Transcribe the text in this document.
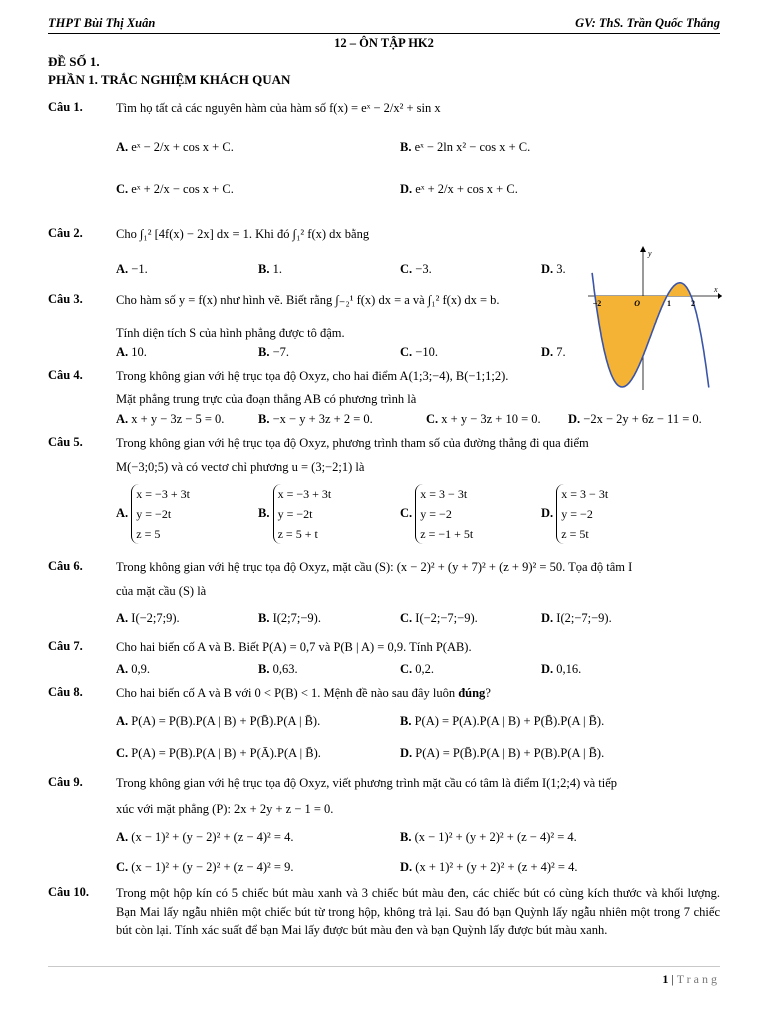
THPT Bùi Thị Xuân	GV: ThS. Trần Quốc Thắng
12 – ÔN TẬP HK2
ĐỀ SỐ 1.
PHẦN 1. TRẮC NGHIỆM KHÁCH QUAN
Câu 1.	Tìm họ tất cả các nguyên hàm của hàm số f(x) = eˣ − 2/x² + sin x
A. eˣ − 2/x + cos x + C.	B. eˣ − 2ln x² − cos x + C.
C. eˣ + 2/x − cos x + C.	D. eˣ + 2/x + cos x + C.
Câu 2.	Cho ∫₁² [4f(x) − 2x] dx = 1. Khi đó ∫₁² f(x) dx bằng
A. −1.	B. 1.	C. −3.	D. 3.
Câu 3.	Cho hàm số y = f(x) như hình vẽ. Biết rằng ∫₋₂¹ f(x) dx = a và ∫₁² f(x) dx = b.
Tính diện tích S của hình phẳng được tô đậm.
A. 10.	B. −7.	C. −10.	D. 7.
y
x
O
−2	1	2
Câu 4.	Trong không gian với hệ trục tọa độ Oxyz, cho hai điểm A(1;3;−4), B(−1;1;2).
Mặt phẳng trung trực của đoạn thẳng AB có phương trình là
A. x + y − 3z − 5 = 0.	B. −x − y + 3z + 2 = 0.	C. x + y − 3z + 10 = 0. D. −2x − 2y + 6z − 11 = 0.
Câu 5.	Trong không gian với hệ trục tọa độ Oxyz, phương trình tham số của đường thẳng đi qua điểm
M(−3;0;5) và có vectơ chỉ phương u = (3;−2;1) là
A. x = −3 + 3t
y = −2t
z = 5
B. x = −3 + 3t
y = −2t
z = 5 + t
C. x = 3 − 3t
y = −2
z = −1 + 5t
D. x = 3 − 3t
y = −2
z = 5t
Câu 6.	Trong không gian với hệ trục tọa độ Oxyz, mặt cầu (S): (x − 2)² + (y + 7)² + (z + 9)² = 50. Tọa độ tâm I
của mặt cầu (S) là
A. I(−2;7;9).	B. I(2;7;−9).	C. I(−2;−7;−9).	D. I(2;−7;−9).
Câu 7.	Cho hai biến cố A và B. Biết P(A) = 0,7 và P(B | A) = 0,9. Tính P(AB).
A. 0,9.	B. 0,63.	C. 0,2.	D. 0,16.
Câu 8.	Cho hai biến cố A và B với 0 < P(B) < 1. Mệnh đề nào sau đây luôn đúng?
A. P(A) = P(B).P(A | B) + P(B̄).P(A | B̄).	B. P(A) = P(A).P(A | B) + P(B̄).P(A | B̄).
C. P(A) = P(B).P(A | B) + P(Ā).P(A | B̄).	D. P(A) = P(B̄).P(A | B) + P(B).P(A | B̄).
Câu 9.	Trong không gian với hệ trục tọa độ Oxyz, viết phương trình mặt cầu có tâm là điểm I(1;2;4) và tiếp
xúc với mặt phẳng (P): 2x + 2y + z − 1 = 0.
A. (x − 1)² + (y − 2)² + (z − 4)² = 4.	B. (x − 1)² + (y + 2)² + (z − 4)² = 4.
C. (x − 1)² + (y − 2)² + (z − 4)² = 9.	D. (x + 1)² + (y + 2)² + (z + 4)² = 4.
Câu 10. Trong một hộp kín có 5 chiếc bút màu xanh và 3 chiếc bút màu đen, các chiếc bút có cùng kích thước và khối lượng. Bạn Mai lấy ngẫu nhiên một chiếc bút từ trong hộp, không trả lại. Sau đó bạn Quỳnh lấy ngẫu nhiên một trong 7 chiếc bút còn lại. Tính xác suất để bạn Mai lấy được bút màu đen và bạn Quỳnh lấy được bút màu xanh.
1 | Trang
